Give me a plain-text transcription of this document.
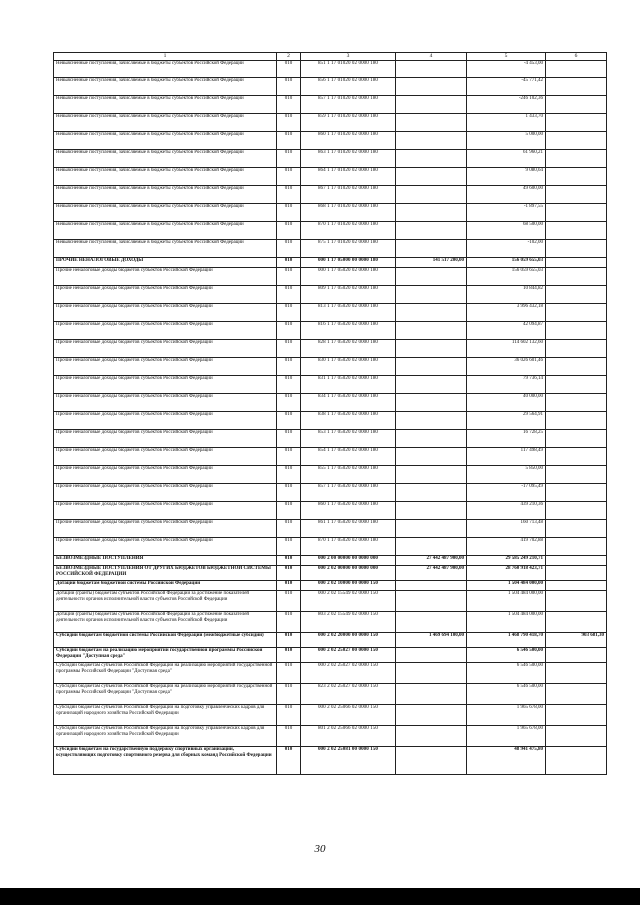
1	2	3	4	5	6
Невыясненные поступления, зачисляемые в бюджеты субъектов Российской Федерации	010	851 1 17 01020 02 0000 180		-4 453,00	
Невыясненные поступления, зачисляемые в бюджеты субъектов Российской Федерации	010	856 1 17 01020 02 0000 180		-45 771,42	
Невыясненные поступления, зачисляемые в бюджеты субъектов Российской Федерации	010	857 1 17 01020 02 0000 180		-246 102,36	
Невыясненные поступления, зачисляемые в бюджеты субъектов Российской Федерации	010	859 1 17 01020 02 0000 180		1 433,70	
Невыясненные поступления, зачисляемые в бюджеты субъектов Российской Федерации	010	860 1 17 01020 02 0000 180		5 000,00	
Невыясненные поступления, зачисляемые в бюджеты субъектов Российской Федерации	010	863 1 17 01020 02 0000 180		61 960,21	
Невыясненные поступления, зачисляемые в бюджеты субъектов Российской Федерации	010	864 1 17 01020 02 0000 180		9 080,64	
Невыясненные поступления, зачисляемые в бюджеты субъектов Российской Федерации	010	867 1 17 01020 02 0000 180		49 600,00	
Невыясненные поступления, зачисляемые в бюджеты субъектов Российской Федерации	010	868 1 17 01020 02 0000 180		-1 897,55	
Невыясненные поступления, зачисляемые в бюджеты субъектов Российской Федерации	010	870 1 17 01020 02 0000 180		68 500,00	
Невыясненные поступления, зачисляемые в бюджеты субъектов Российской Федерации	010	875 1 17 01020 02 0000 180		-102,00	
ПРОЧИЕ НЕНАЛОГОВЫЕ ДОХОДЫ	010	000 1 17 05000 00 0000 180	141 517 200,00	156 059 655,03	
Прочие неналоговые доходы бюджетов субъектов Российской Федерации	010	000 1 17 05020 02 0000 180		156 059 655,03	
Прочие неналоговые доходы бюджетов субъектов Российской Федерации	010	809 1 17 05020 02 0000 180		10 844,82	
Прочие неналоговые доходы бюджетов субъектов Российской Федерации	010	813 1 17 05020 02 0000 180		3 996 432,18	
Прочие неналоговые доходы бюджетов субъектов Российской Федерации	010	816 1 17 05020 02 0000 180		42 094,87	
Прочие неналоговые доходы бюджетов субъектов Российской Федерации	010	828 1 17 05020 02 0000 180		114 602 132,60	
Прочие неналоговые доходы бюджетов субъектов Российской Федерации	010	830 1 17 05020 02 0000 180		36 026 601,46	
Прочие неналоговые доходы бюджетов субъектов Российской Федерации	010	831 1 17 05020 02 0000 180		79 736,14	
Прочие неналоговые доходы бюджетов субъектов Российской Федерации	010	834 1 17 05020 02 0000 180		40 000,00	
Прочие неналоговые доходы бюджетов субъектов Российской Федерации	010	838 1 17 05020 02 0000 180		29 564,91	
Прочие неналоговые доходы бюджетов субъектов Российской Федерации	010	853 1 17 05020 02 0000 180		16 728,25	
Прочие неналоговые доходы бюджетов субъектов Российской Федерации	010	854 1 17 05020 02 0000 180		117 498,49	
Прочие неналоговые доходы бюджетов субъектов Российской Федерации	010	855 1 17 05020 02 0000 180		5 850,00	
Прочие неналоговые доходы бюджетов субъектов Российской Федерации	010	857 1 17 05020 02 0000 180		-17 095,49	
Прочие неналоговые доходы бюджетов субъектов Российской Федерации	010	860 1 17 05020 02 0000 180		439 210,36	
Прочие неналоговые доходы бюджетов субъектов Российской Федерации	010	861 1 17 05020 02 0000 180		160 713,48	
Прочие неналоговые доходы бюджетов субъектов Российской Федерации	010	870 1 17 05020 02 0000 180		419 702,88	
БЕЗВОЗМЕЗДНЫЕ ПОСТУПЛЕНИЯ	010	000 2 00 00000 00 0000 000	27 442 487 900,00	29 585 249 210,71	
БЕЗВОЗМЕЗДНЫЕ ПОСТУПЛЕНИЯ ОТ ДРУГИХ БЮДЖЕТОВ БЮДЖЕТНОЙ СИСТЕМЫ РОССИЙСКОЙ ФЕДЕРАЦИИ	010	000 2 02 00000 00 0000 000	27 442 487 900,00	28 760 918 423,71	
Дотации бюджетам бюджетной системы Российской Федерации	010	000 2 02 10000 00 0000 150		1 504 484 000,00	
Дотации (гранты) бюджетам субъектов Российской Федерации за достижение показателей деятельности органов исполнительной власти субъектов Российской Федерации	010	000 2 02 15549 02 0000 150		1 504 484 000,00	
Дотации (гранты) бюджетам субъектов Российской Федерации за достижение показателей деятельности органов исполнительной власти субъектов Российской Федерации	010	803 2 02 15549 02 0000 150		1 504 484 000,00	
Субсидии бюджетам бюджетной системы Российской Федерации (межбюджетные субсидии)	010	000 2 02 20000 00 0000 150	1 469 694 100,00	1 468 790 418,70	903 681,30
Субсидии бюджетам на реализацию мероприятий государственной программы Российской Федерации "Доступная среда"	010	000 2 02 25027 00 0000 150		6 546 500,00	
Субсидии бюджетам субъектов Российской Федерации на реализацию мероприятий государственной программы Российской Федерации "Доступная среда"	010	000 2 02 25027 02 0000 150		6 546 500,00	
Субсидии бюджетам субъектов Российской Федерации на реализацию мероприятий государственной программы Российской Федерации "Доступная среда"	010	823 2 02 25027 02 0000 150		6 546 500,00	
Субсидии бюджетам субъектов Российской Федерации на подготовку управленческих кадров для организаций народного хозяйства Российской Федерации	010	000 2 02 25066 02 0000 150		1 965 678,00	
Субсидии бюджетам субъектов Российской Федерации на подготовку управленческих кадров для организаций народного хозяйства Российской Федерации	010	801 2 02 25066 02 0000 150		1 965 678,00	
Субсидии бюджетам на государственную поддержку спортивных организаций, осуществляющих подготовку спортивного резерва для сборных команд Российской Федерации	010	000 2 02 25081 00 0000 150		48 941 475,80	
30
